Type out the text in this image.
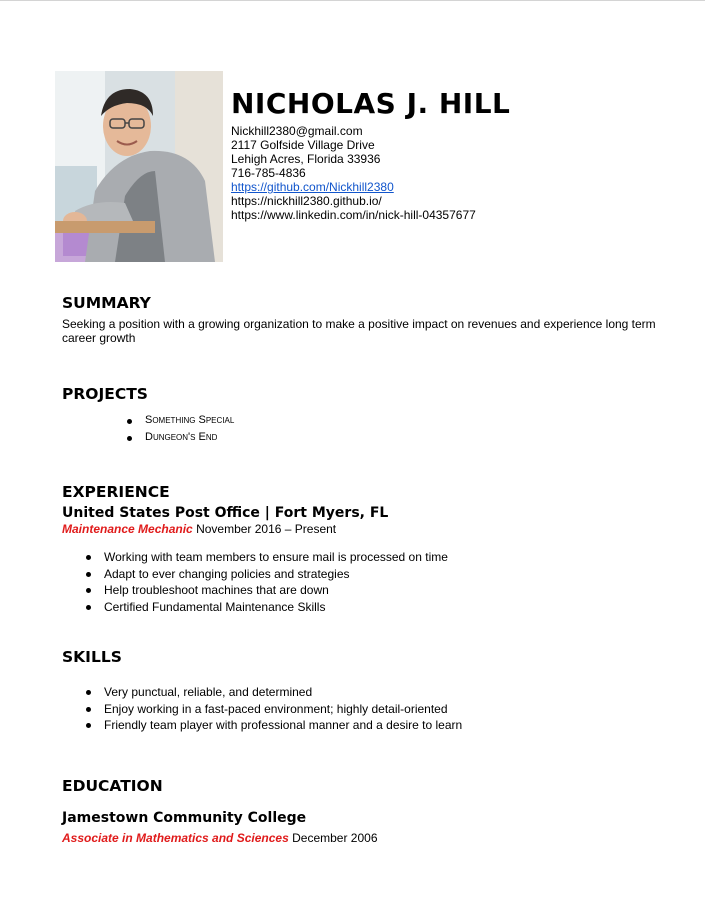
NICHOLAS J. HILL
Nickhill2380@gmail.com
2117 Golfside Village Drive
Lehigh Acres, Florida 33936
716-785-4836
https://github.com/Nickhill2380
https://nickhill2380.github.io/
https://www.linkedin.com/in/nick-hill-04357677
SUMMARY
Seeking a position with a growing organization to make a positive impact on revenues and experience long term career growth
PROJECTS
Something Special
Dungeon's End
EXPERIENCE
United States Post Office | Fort Myers, FL
Maintenance Mechanic November 2016 – Present
Working with team members to ensure mail is processed on time
Adapt to ever changing policies and strategies
Help troubleshoot machines that are down
Certified Fundamental Maintenance Skills
SKILLS
Very punctual, reliable, and determined
Enjoy working in a fast-paced environment; highly detail-oriented
Friendly team player with professional manner and a desire to learn
EDUCATION
Jamestown Community College
Associate in Mathematics and Sciences December 2006
